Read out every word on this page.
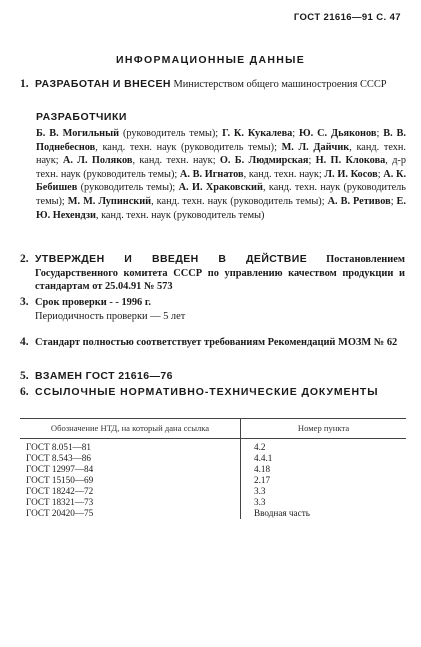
ГОСТ 21616—91 С. 47
ИНФОРМАЦИОННЫЕ ДАННЫЕ
1. РАЗРАБОТАН И ВНЕСЕН Министерством общего машиностроения СССР
РАЗРАБОТЧИКИ
Б. В. Могильный (руководитель темы); Г. К. Кукалева; Ю. С. Дьяконов; В. В. Поднебеснов, канд. техн. наук (руководитель темы); М. Л. Дайчик, канд. техн. наук; А. Л. Поляков, канд. техн. наук; О. Б. Людмирская; Н. П. Клокова, д-р техн. наук (руководитель темы); А. В. Игнатов, канд. техн. наук; Л. И. Косов; А. К. Бебишев (руководитель темы); А. И. Храковский, канд. техн. наук (руководитель темы); М. М. Лупинский, канд. техн. наук (руководитель темы); А. В. Ретивов; Е. Ю. Нехендзи, канд. техн. наук (руководитель темы)
2. УТВЕРЖДЕН И ВВЕДЕН В ДЕЙСТВИЕ Постановлением Государственного комитета СССР по управлению качеством продукции и стандартам от 25.04.91 № 573
3. Срок проверки - - 1996 г.
Периодичность проверки — 5 лет
4. Стандарт полностью соответствует требованиям Рекомендаций МОЗМ № 62
5. ВЗАМЕН ГОСТ 21616—76
6. ССЫЛОЧНЫЕ НОРМАТИВНО-ТЕХНИЧЕСКИЕ ДОКУМЕНТЫ
Обозначение НТД, на который дана ссылка	Номер пункта
ГОСТ 8.051—81	4.2
ГОСТ 8.543—86	4.4.1
ГОСТ 12997—84	4.18
ГОСТ 15150—69	2.17
ГОСТ 18242—72	3.3
ГОСТ 18321—73	3.3
ГОСТ 20420—75	Вводная часть
